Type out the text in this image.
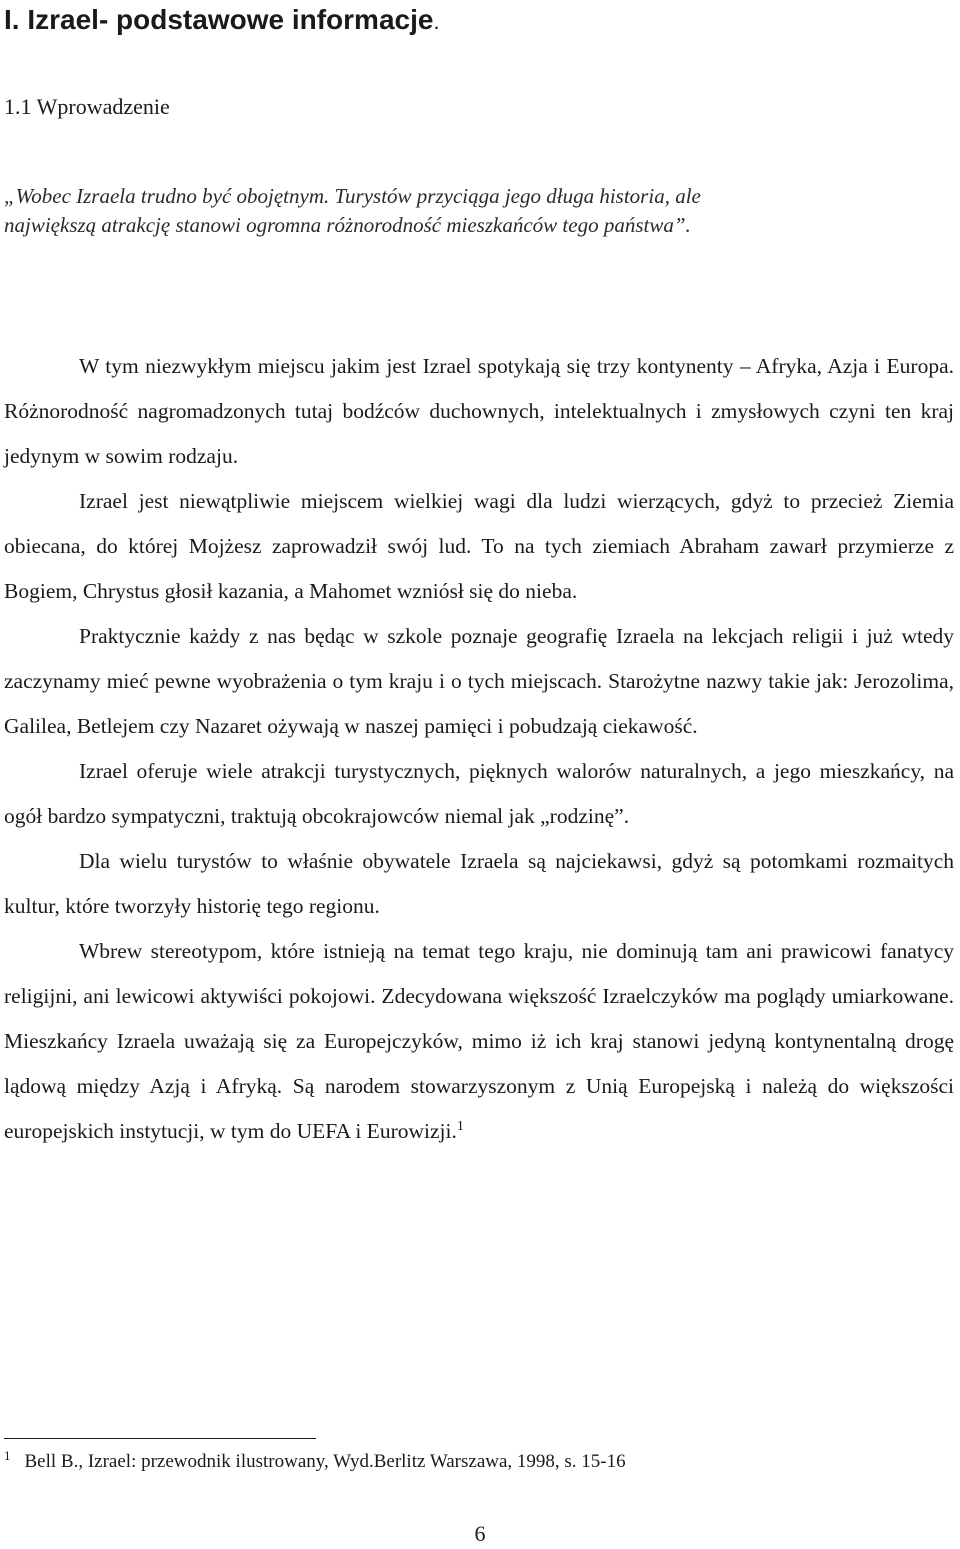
I. Izrael- podstawowe informacje.
1.1 Wprowadzenie

„Wobec Izraela trudno być obojętnym. Turystów przyciąga jego długa historia, ale
największą atrakcję stanowi ogromna różnorodność mieszkańców tego państwa”.

W tym niezwykłym miejscu jakim jest Izrael spotykają się trzy kontynenty – Afryka, Azja i Europa. Różnorodność nagromadzonych tutaj bodźców duchownych, intelektualnych i zmysłowych czyni ten kraj jedynym w sowim rodzaju.

Izrael jest niewątpliwie miejscem wielkiej wagi dla ludzi wierzących, gdyż to przecież Ziemia obiecana, do której Mojżesz zaprowadził swój lud. To na tych ziemiach Abraham zawarł przymierze z Bogiem, Chrystus głosił kazania, a Mahomet wzniósł się do nieba.

Praktycznie każdy z nas będąc w szkole poznaje geografię Izraela na lekcjach religii i już wtedy zaczynamy mieć pewne wyobrażenia o tym kraju i o tych miejscach. Starożytne nazwy takie jak: Jerozolima, Galilea, Betlejem czy Nazaret ożywają w naszej pamięci i pobudzają ciekawość.

Izrael oferuje wiele atrakcji turystycznych, pięknych walorów naturalnych, a jego mieszkańcy, na ogół bardzo sympatyczni, traktują obcokrajowców niemal jak „rodzinę”.

Dla wielu turystów to właśnie obywatele Izraela są najciekawsi, gdyż są potomkami rozmaitych kultur, które tworzyły historię tego regionu.

Wbrew stereotypom, które istnieją na temat tego kraju, nie dominują tam ani prawicowi fanatycy religijni, ani lewicowi aktywiści pokojowi. Zdecydowana większość Izraelczyków ma poglądy umiarkowane. Mieszkańcy Izraela uważają się za Europejczyków, mimo iż ich kraj stanowi jedyną kontynentalną drogę lądową między Azją i Afryką. Są narodem stowarzyszonym z Unią Europejską i należą do większości europejskich instytucji, w tym do UEFA i Eurowizji.$^1$

$^1$ Bell B., Izrael: przewodnik ilustrowany, Wyd.Berlitz Warszawa, 1998, s. 15-16

6
